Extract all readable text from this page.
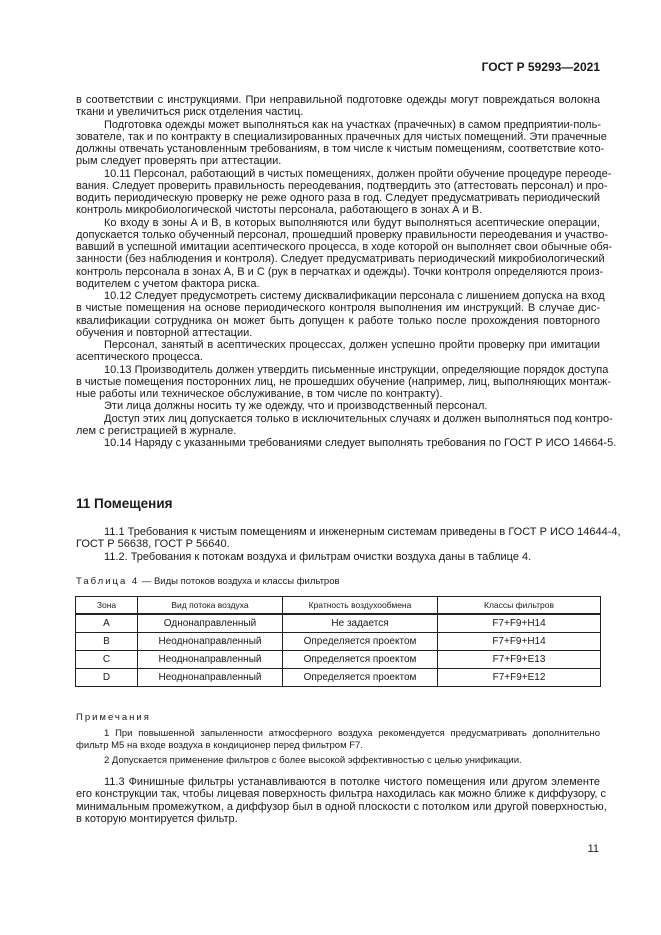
ГОСТ Р 59293—2021
в соответствии с инструкциями. При неправильной подготовке одежды могут повреждаться волокна
ткани и увеличиться риск отделения частиц.
Подготовка одежды может выполняться как на участках (прачечных) в самом предприятии-поль-
зователе, так и по контракту в специализированных прачечных для чистых помещений. Эти прачечные
должны отвечать установленным требованиям, в том числе к чистым помещениям, соответствие кото-
рым следует проверять при аттестации.
10.11 Персонал, работающий в чистых помещениях, должен пройти обучение процедуре переоде-
вания. Следует проверить правильность переодевания, подтвердить это (аттестовать персонал) и про-
водить периодическую проверку не реже одного раза в год. Следует предусматривать периодический
контроль микробиологической чистоты персонала, работающего в зонах А и В.
Ко входу в зоны А и В, в которых выполняются или будут выполняться асептические операции,
допускается только обученный персонал, прошедший проверку правильности переодевания и участво-
вавший в успешной имитации асептического процесса, в ходе которой он выполняет свои обычные обя-
занности (без наблюдения и контроля). Следует предусматривать периодический микробиологический
контроль персонала в зонах А, В и С (рук в перчатках и одежды). Точки контроля определяются произ-
водителем с учетом фактора риска.
10.12 Следует предусмотреть систему дисквалификации персонала с лишением допуска на вход
в чистые помещения на основе периодического контроля выполнения им инструкций. В случае дис-
квалификации сотрудника он может быть допущен к работе только после прохождения повторного
обучения и повторной аттестации.
Персонал, занятый в асептических процессах, должен успешно пройти проверку при имитации
асептического процесса.
10.13 Производитель должен утвердить письменные инструкции, определяющие порядок доступа
в чистые помещения посторонних лиц, не прошедших обучение (например, лиц, выполняющих монтаж-
ные работы или техническое обслуживание, в том числе по контракту).
Эти лица должны носить ту же одежду, что и производственный персонал.
Доступ этих лиц допускается только в исключительных случаях и должен выполняться под контро-
лем с регистрацией в журнале.
10.14 Наряду с указанными требованиями следует выполнять требования по ГОСТ Р ИСО 14664-5.
11 Помещения
11.1 Требования к чистым помещениям и инженерным системам приведены в ГОСТ Р ИСО 14644-4,
ГОСТ Р 56638, ГОСТ Р 56640.
11.2. Требования к потокам воздуха и фильтрам очистки воздуха даны в таблице 4.
Таблица 4 — Виды потоков воздуха и классы фильтров
Зона	Вид потока воздуха	Кратность воздухообмена	Классы фильтров
A	Однонаправленный	Не задается	F7+F9+H14
B	Неоднонаправленный	Определяется проектом	F7+F9+H14
C	Неоднонаправленный	Определяется проектом	F7+F9+E13
D	Неоднонаправленный	Определяется проектом	F7+F9+E12
Примечания
1 При повышенной запыленности атмосферного воздуха рекомендуется предусматривать дополнительно
фильтр М5 на входе воздуха в кондиционер перед фильтром F7.
2 Допускается применение фильтров с более высокой эффективностью с целью унификации.
11.3 Финишные фильтры устанавливаются в потолке чистого помещения или другом элементе
его конструкции так, чтобы лицевая поверхность фильтра находилась как можно ближе к диффузору, с
минимальным промежутком, а диффузор был в одной плоскости с потолком или другой поверхностью,
в которую монтируется фильтр.
11
